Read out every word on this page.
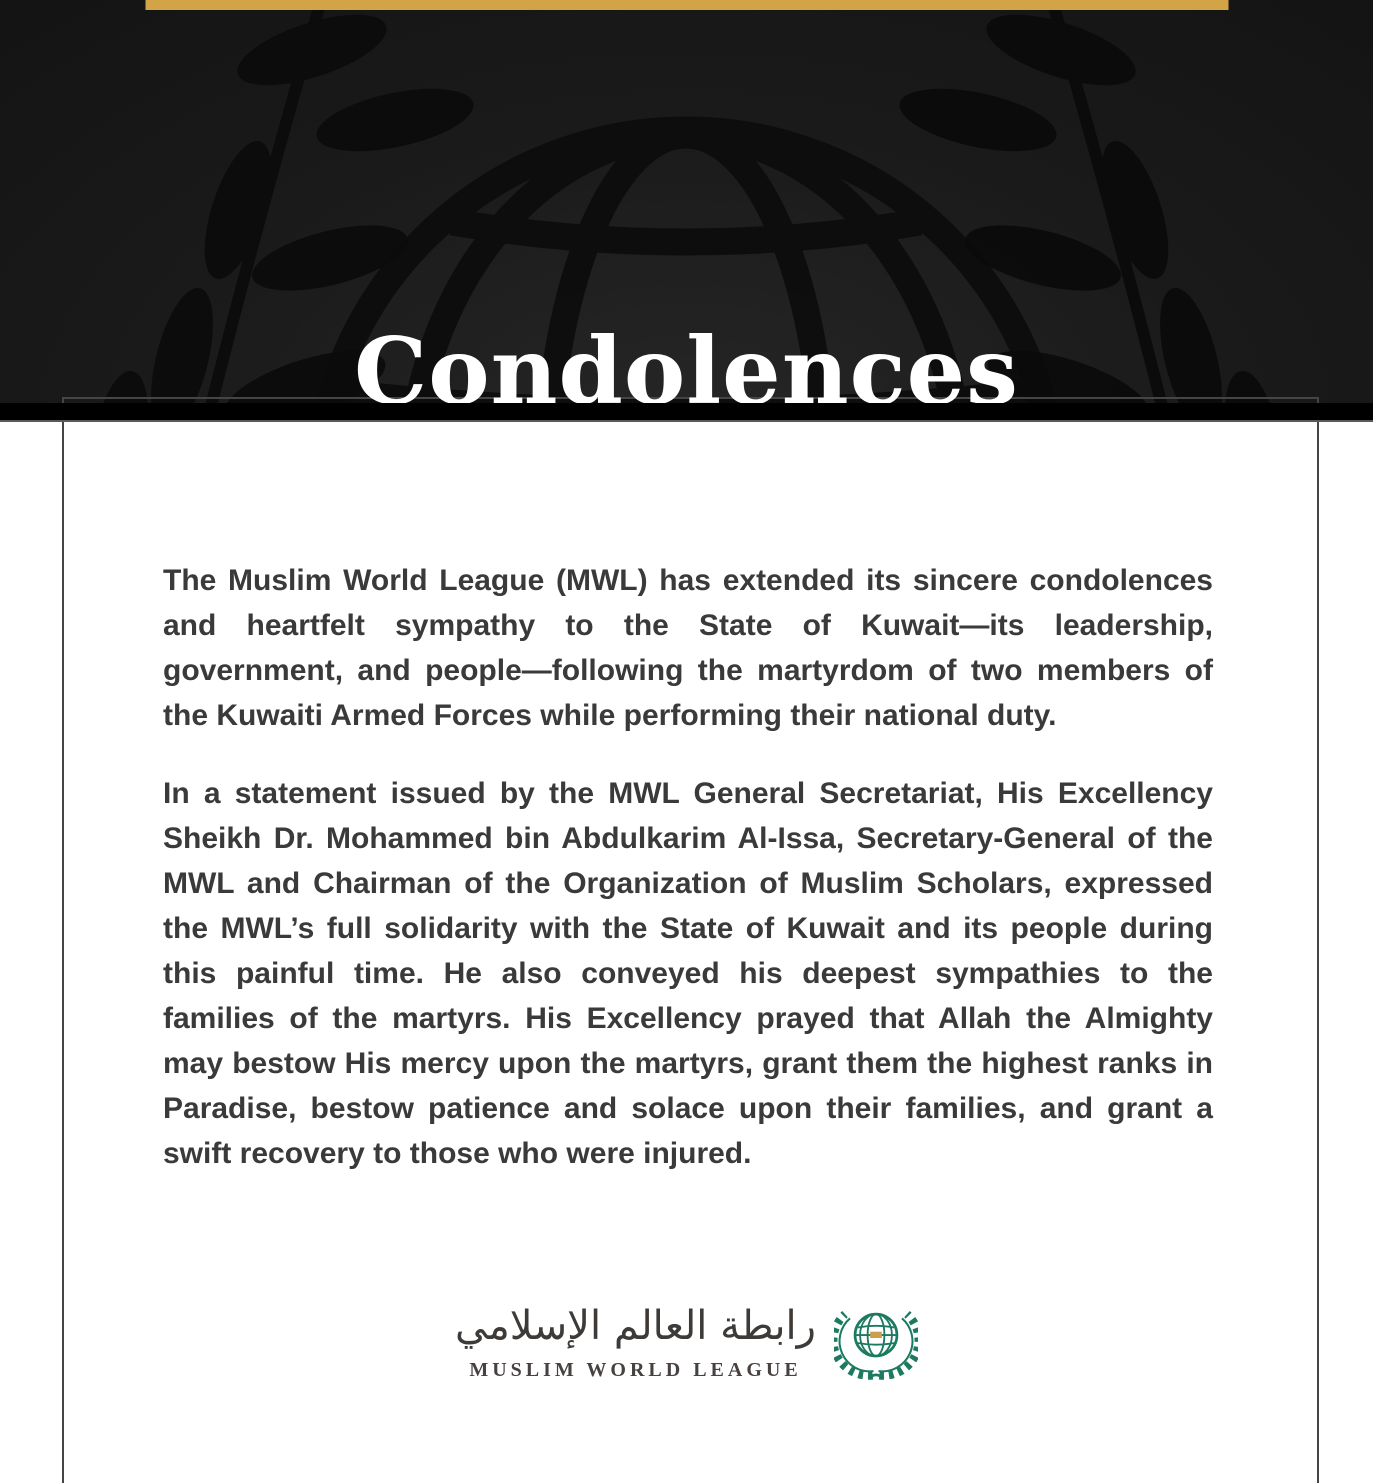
Condolences

The Muslim World League (MWL) has extended its sincere condolences and heartfelt sympathy to the State of Kuwait—its leadership, government, and people—following the martyrdom of two members of the Kuwaiti Armed Forces while performing their national duty.

In a statement issued by the MWL General Secretariat, His Excellency Sheikh Dr. Mohammed bin Abdulkarim Al-Issa, Secretary-General of the MWL and Chairman of the Organization of Muslim Scholars, expressed the MWL’s full solidarity with the State of Kuwait and its people during this painful time. He also conveyed his deepest sympathies to the families of the martyrs. His Excellency prayed that Allah the Almighty may bestow His mercy upon the martyrs, grant them the highest ranks in Paradise, bestow patience and solace upon their families, and grant a swift recovery to those who were injured.

رابطة العالم الإسلامي
MUSLIM WORLD LEAGUE
